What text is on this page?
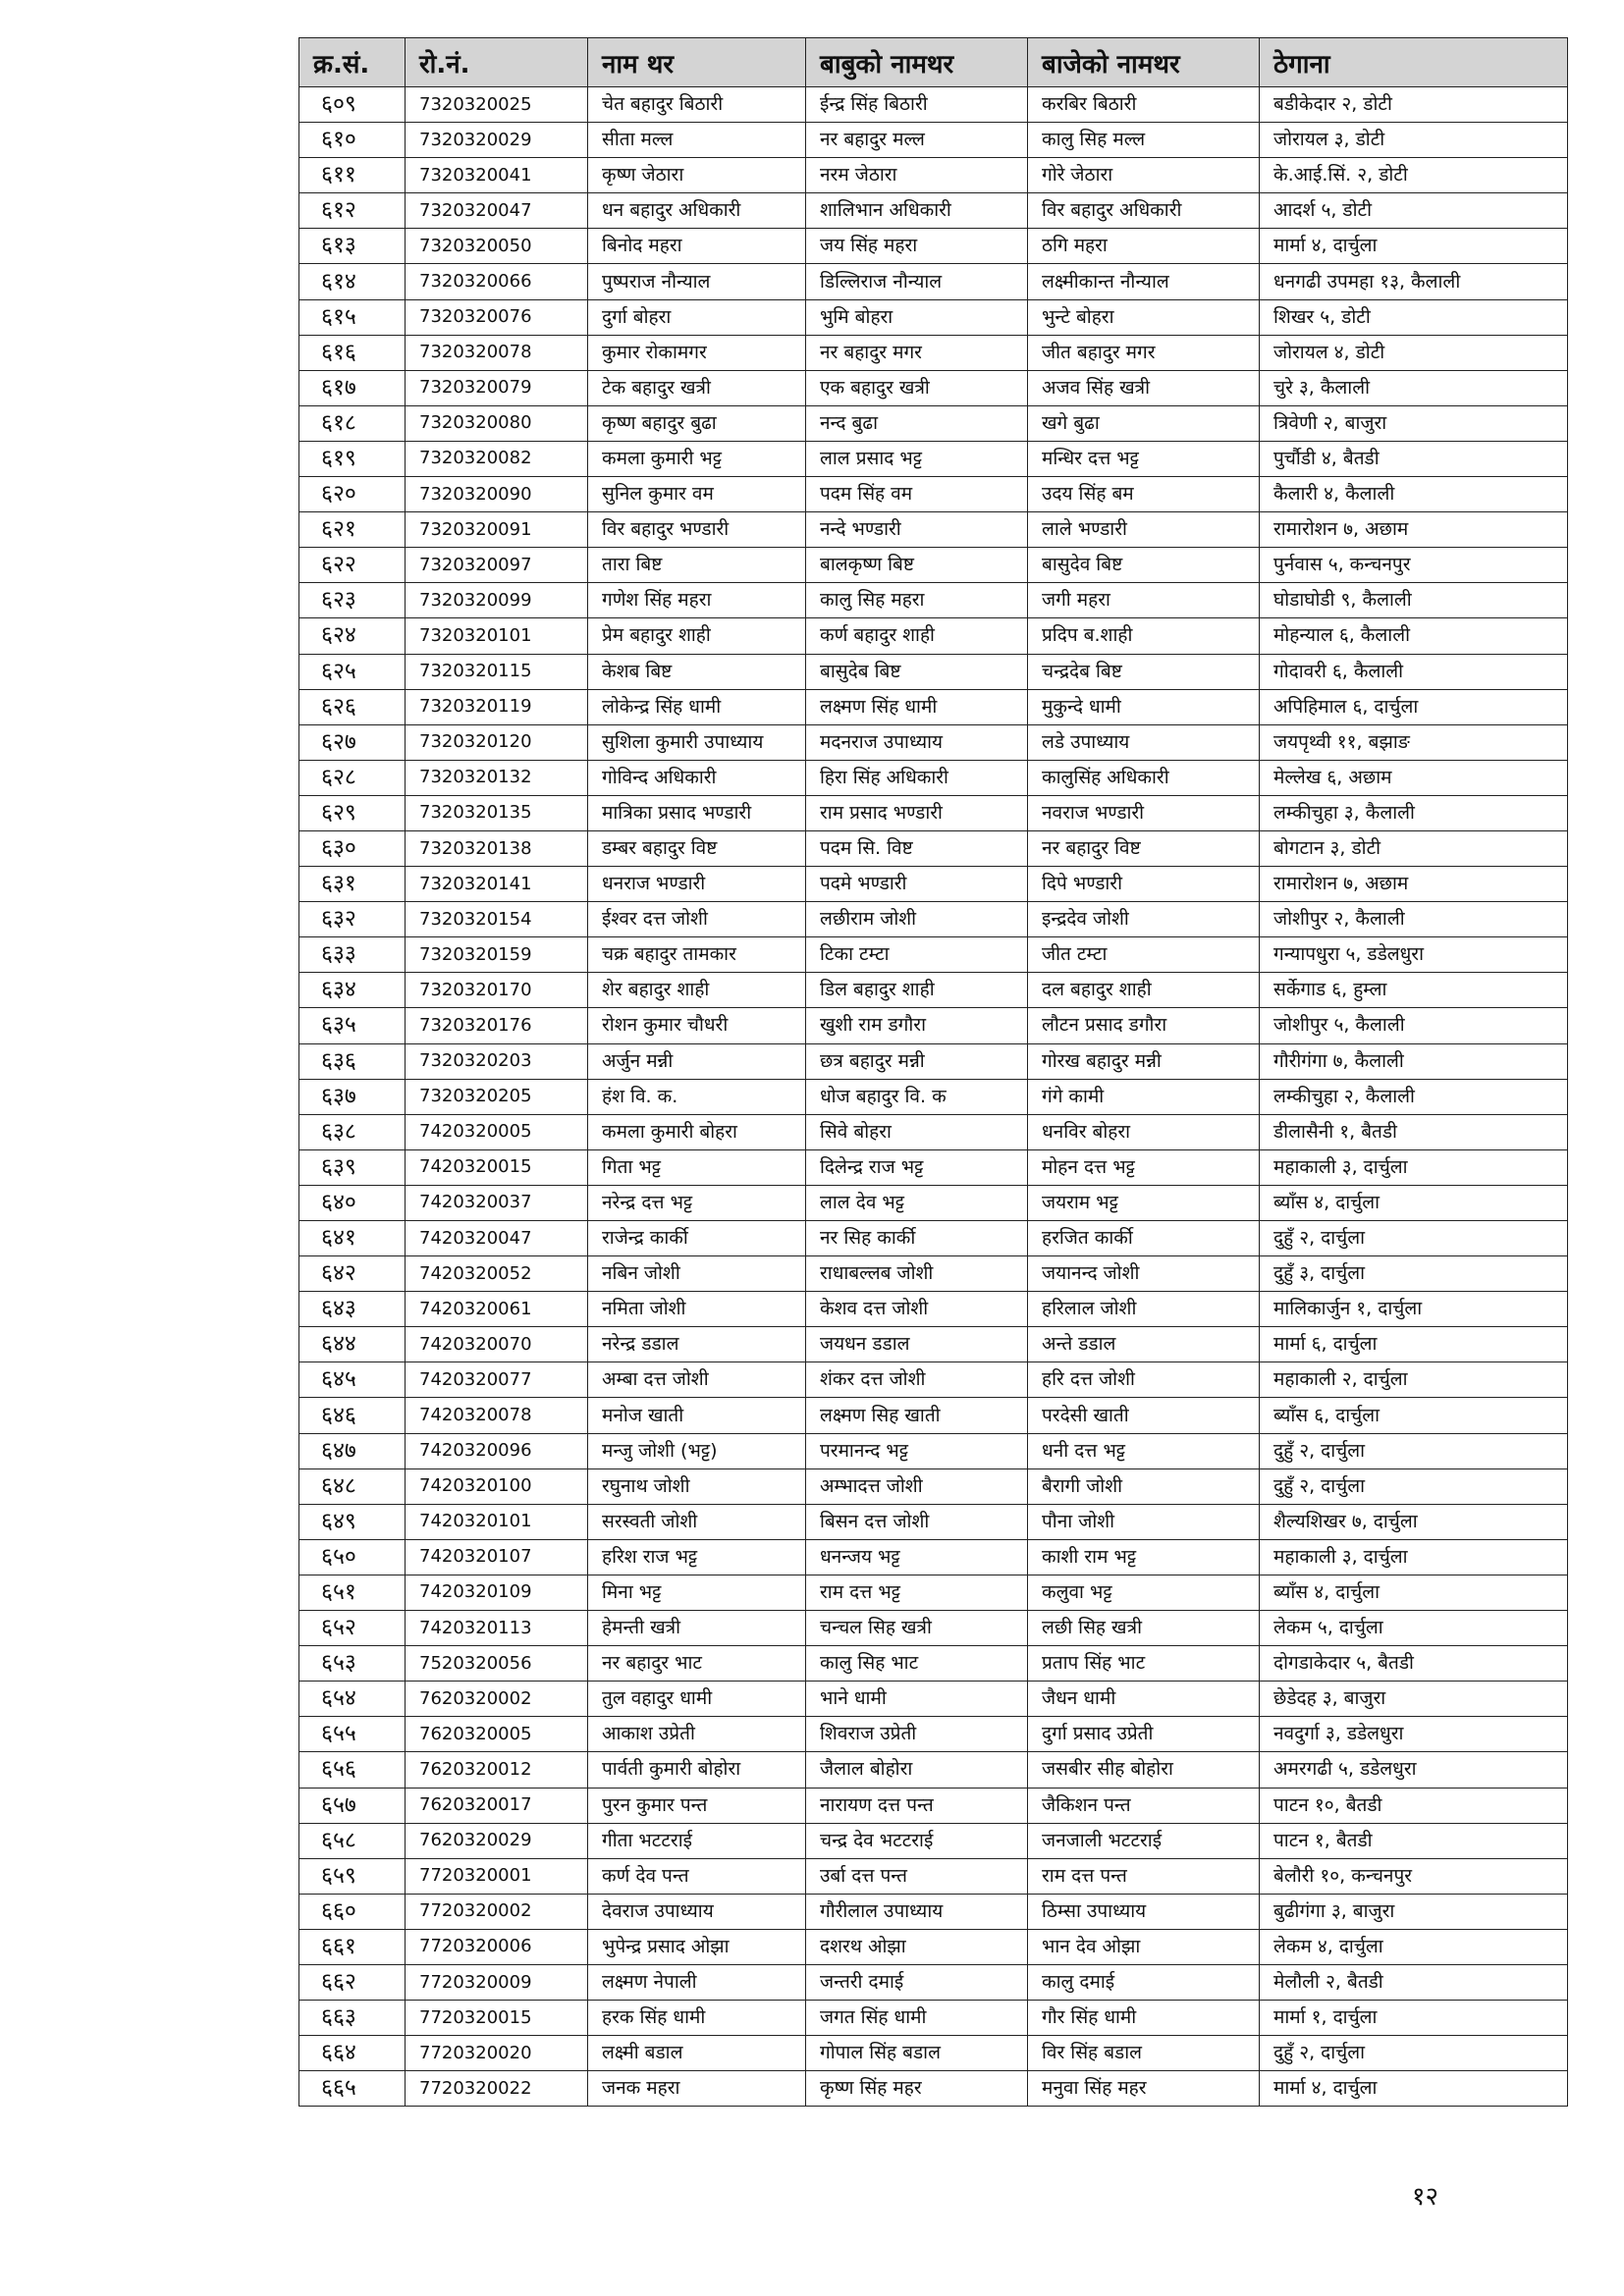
क्र.सं.	रो.नं.	नाम थर	बाबुको नामथर	बाजेको नामथर	ठेगाना
६०९	7320320025	चेत बहादुर बिठारी	ईन्द्र सिंह बिठारी	करबिर बिठारी	बडीकेदार २, डोटी
६१०	7320320029	सीता मल्ल	नर बहादुर मल्ल	कालु सिह मल्ल	जोरायल ३, डोटी
६११	7320320041	कृष्ण जेठारा	नरम जेठारा	गोरे जेठारा	के.आई.सिं. २, डोटी
६१२	7320320047	धन बहादुर अधिकारी	शालिभान अधिकारी	विर बहादुर अधिकारी	आदर्श ५, डोटी
६१३	7320320050	बिनोद महरा	जय सिंह महरा	ठगि महरा	मार्मा ४, दार्चुला
६१४	7320320066	पुष्पराज नौन्याल	डिल्लिराज नौन्याल	लक्ष्मीकान्त नौन्याल	धनगढी उपमहा १३, कैलाली
६१५	7320320076	दुर्गा बोहरा	भुमि बोहरा	भुन्टे बोहरा	शिखर ५, डोटी
६१६	7320320078	कुमार रोकामगर	नर बहादुर मगर	जीत बहादुर मगर	जोरायल ४, डोटी
६१७	7320320079	टेक बहादुर खत्री	एक बहादुर खत्री	अजव सिंह खत्री	चुरे ३, कैलाली
६१८	7320320080	कृष्ण बहादुर बुढा	नन्द बुढा	खगे बुढा	त्रिवेणी २, बाजुरा
६१९	7320320082	कमला कुमारी भट्ट	लाल प्रसाद भट्ट	मन्धिर दत्त भट्ट	पुर्चौडी ४, बैतडी
६२०	7320320090	सुनिल कुमार वम	पदम सिंह वम	उदय सिंह बम	कैलारी ४, कैलाली
६२१	7320320091	विर बहादुर भण्डारी	नन्दे भण्डारी	लाले भण्डारी	रामारोशन ७, अछाम
६२२	7320320097	तारा बिष्ट	बालकृष्ण बिष्ट	बासुदेव बिष्ट	पुर्नवास ५, कन्चनपुर
६२३	7320320099	गणेश सिंह महरा	कालु सिह महरा	जगी महरा	घोडाघोडी ९, कैलाली
६२४	7320320101	प्रेम बहादुर शाही	कर्ण बहादुर शाही	प्रदिप ब.शाही	मोहन्याल ६, कैलाली
६२५	7320320115	केशब बिष्ट	बासुदेब बिष्ट	चन्द्रदेब बिष्ट	गोदावरी ६, कैलाली
६२६	7320320119	लोकेन्द्र सिंह धामी	लक्ष्मण सिंह धामी	मुकुन्दे धामी	अपिहिमाल ६, दार्चुला
६२७	7320320120	सुशिला कुमारी उपाध्याय	मदनराज उपाध्याय	लडे उपाध्याय	जयपृथ्वी ११, बझाङ
६२८	7320320132	गोविन्द अधिकारी	हिरा सिंह अधिकारी	कालुसिंह अधिकारी	मेल्लेख ६, अछाम
६२९	7320320135	मात्रिका प्रसाद भण्डारी	राम प्रसाद भण्डारी	नवराज भण्डारी	लम्कीचुहा ३, कैलाली
६३०	7320320138	डम्बर बहादुर विष्ट	पदम सि. विष्ट	नर बहादुर विष्ट	बोगटान ३, डोटी
६३१	7320320141	धनराज भण्डारी	पदमे भण्डारी	दिपे भण्डारी	रामारोशन ७, अछाम
६३२	7320320154	ईश्वर दत्त जोशी	लछीराम जोशी	इन्द्रदेव जोशी	जोशीपुर २, कैलाली
६३३	7320320159	चक्र बहादुर तामकार	टिका टम्टा	जीत टम्टा	गन्यापधुरा ५, डडेलधुरा
६३४	7320320170	शेर बहादुर शाही	डिल बहादुर शाही	दल बहादुर शाही	सर्केगाड ६, हुम्ला
६३५	7320320176	रोशन कुमार चौधरी	खुशी राम डगौरा	लौटन प्रसाद डगौरा	जोशीपुर ५, कैलाली
६३६	7320320203	अर्जुन मन्नी	छत्र बहादुर मन्नी	गोरख बहादुर मन्नी	गौरीगंगा ७, कैलाली
६३७	7320320205	हंश वि. क.	धोज बहादुर वि. क	गंगे कामी	लम्कीचुहा २, कैलाली
६३८	7420320005	कमला कुमारी बोहरा	सिवे बोहरा	धनविर बोहरा	डीलासैनी १, बैतडी
६३९	7420320015	गिता भट्ट	दिलेन्द्र राज भट्ट	मोहन दत्त भट्ट	महाकाली ३, दार्चुला
६४०	7420320037	नरेन्द्र दत्त भट्ट	लाल देव भट्ट	जयराम भट्ट	ब्याँस ४, दार्चुला
६४१	7420320047	राजेन्द्र कार्की	नर सिह कार्की	हरजित कार्की	दुहुँ २, दार्चुला
६४२	7420320052	नबिन जोशी	राधाबल्लब जोशी	जयानन्द जोशी	दुहुँ ३, दार्चुला
६४३	7420320061	नमिता जोशी	केशव दत्त जोशी	हरिलाल जोशी	मालिकार्जुन १, दार्चुला
६४४	7420320070	नरेन्द्र डडाल	जयधन डडाल	अन्ते डडाल	मार्मा ६, दार्चुला
६४५	7420320077	अम्बा दत्त जोशी	शंकर दत्त जोशी	हरि दत्त जोशी	महाकाली २, दार्चुला
६४६	7420320078	मनोज खाती	लक्ष्मण सिह खाती	परदेसी खाती	ब्याँस ६, दार्चुला
६४७	7420320096	मन्जु जोशी (भट्ट)	परमानन्द भट्ट	धनी दत्त भट्ट	दुहुँ २, दार्चुला
६४८	7420320100	रघुनाथ जोशी	अम्भादत्त जोशी	बैरागी जोशी	दुहुँ २, दार्चुला
६४९	7420320101	सरस्वती जोशी	बिसन दत्त जोशी	पौना जोशी	शैल्यशिखर ७, दार्चुला
६५०	7420320107	हरिश राज भट्ट	धनन्जय भट्ट	काशी राम भट्ट	महाकाली ३, दार्चुला
६५१	7420320109	मिना भट्ट	राम दत्त भट्ट	कलुवा भट्ट	ब्याँस ४, दार्चुला
६५२	7420320113	हेमन्ती खत्री	चन्चल सिह खत्री	लछी सिह खत्री	लेकम ५, दार्चुला
६५३	7520320056	नर बहादुर भाट	कालु सिह भाट	प्रताप सिंह भाट	दोगडाकेदार ५, बैतडी
६५४	7620320002	तुल वहादुर धामी	भाने धामी	जैधन धामी	छेडेदह ३, बाजुरा
६५५	7620320005	आकाश उप्रेती	शिवराज उप्रेती	दुर्गा प्रसाद उप्रेती	नवदुर्गा ३, डडेलधुरा
६५६	7620320012	पार्वती कुमारी बोहोरा	जैलाल बोहोरा	जसबीर सीह बोहोरा	अमरगढी ५, डडेलधुरा
६५७	7620320017	पुरन कुमार पन्त	नारायण दत्त पन्त	जैकिशन पन्त	पाटन १०, बैतडी
६५८	7620320029	गीता भटटराई	चन्द्र देव भटटराई	जनजाली भटटराई	पाटन १, बैतडी
६५९	7720320001	कर्ण देव पन्त	उर्बा दत्त पन्त	राम दत्त पन्त	बेलौरी १०, कन्चनपुर
६६०	7720320002	देवराज उपाध्याय	गौरीलाल उपाध्याय	ठिम्सा उपाध्याय	बुढीगंगा ३, बाजुरा
६६१	7720320006	भुपेन्द्र प्रसाद ओझा	दशरथ ओझा	भान देव ओझा	लेकम ४, दार्चुला
६६२	7720320009	लक्ष्मण नेपाली	जन्तरी दमाई	कालु दमाई	मेलौली २, बैतडी
६६३	7720320015	हरक सिंह धामी	जगत सिंह धामी	गौर सिंह धामी	मार्मा १, दार्चुला
६६४	7720320020	लक्ष्मी बडाल	गोपाल सिंह बडाल	विर सिंह बडाल	दुहुँ २, दार्चुला
६६५	7720320022	जनक महरा	कृष्ण सिंह महर	मनुवा सिंह महर	मार्मा ४, दार्चुला
१२
